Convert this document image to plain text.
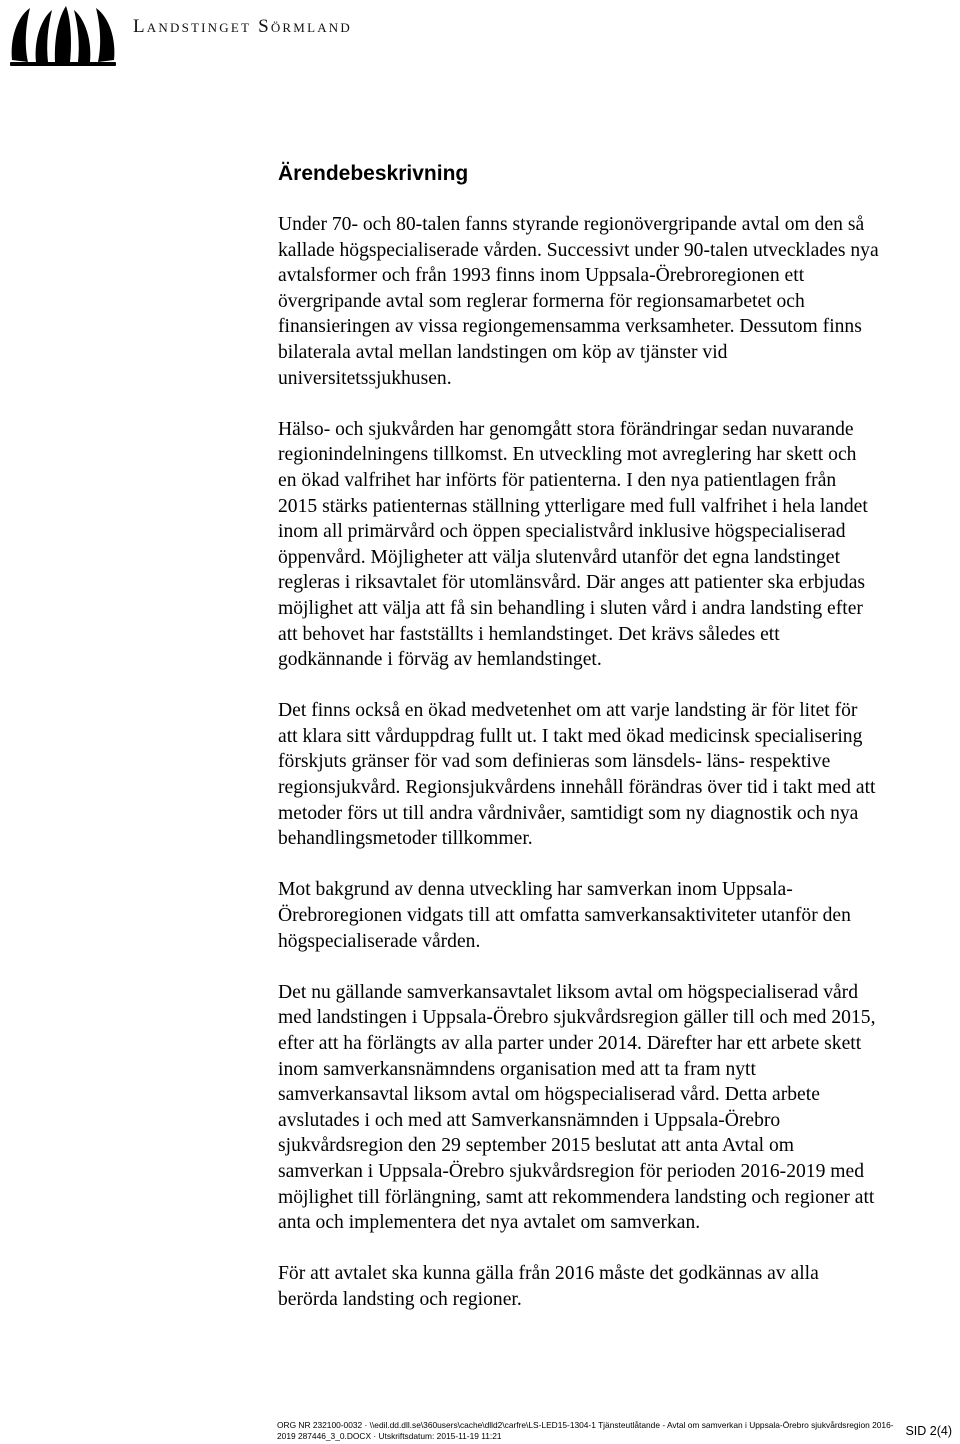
Landstinget Sörmland
Ärendebeskrivning

Under 70- och 80-talen fanns styrande regionövergripande avtal om den så
kallade högspecialiserade vården. Successivt under 90-talen utvecklades nya
avtalsformer och från 1993 finns inom Uppsala-Örebroregionen ett
övergripande avtal som reglerar formerna för regionsamarbetet och
finansieringen av vissa regiongemensamma verksamheter. Dessutom finns
bilaterala avtal mellan landstingen om köp av tjänster vid
universitetssjukhusen.

Hälso- och sjukvården har genomgått stora förändringar sedan nuvarande
regionindelningens tillkomst. En utveckling mot avreglering har skett och
en ökad valfrihet har införts för patienterna. I den nya patientlagen från
2015 stärks patienternas ställning ytterligare med full valfrihet i hela landet
inom all primärvård och öppen specialistvård inklusive högspecialiserad
öppenvård. Möjligheter att välja slutenvård utanför det egna landstinget
regleras i riksavtalet för utomlänsvård. Där anges att patienter ska erbjudas
möjlighet att välja att få sin behandling i sluten vård i andra landsting efter
att behovet har fastställts i hemlandstinget. Det krävs således ett
godkännande i förväg av hemlandstinget.

Det finns också en ökad medvetenhet om att varje landsting är för litet för
att klara sitt vårduppdrag fullt ut. I takt med ökad medicinsk specialisering
förskjuts gränser för vad som definieras som länsdels- läns- respektive
regionsjukvård. Regionsjukvårdens innehåll förändras över tid i takt med att
metoder förs ut till andra vårdnivåer, samtidigt som ny diagnostik och nya
behandlingsmetoder tillkommer.

Mot bakgrund av denna utveckling har samverkan inom Uppsala-
Örebroregionen vidgats till att omfatta samverkansaktiviteter utanför den
högspecialiserade vården.

Det nu gällande samverkansavtalet liksom avtal om högspecialiserad vård
med landstingen i Uppsala-Örebro sjukvårdsregion gäller till och med 2015,
efter att ha förlängts av alla parter under 2014. Därefter har ett arbete skett
inom samverkansnämndens organisation med att ta fram nytt
samverkansavtal liksom avtal om högspecialiserad vård. Detta arbete
avslutades i och med att Samverkansnämnden i Uppsala-Örebro
sjukvårdsregion den 29 september 2015 beslutat att anta Avtal om
samverkan i Uppsala-Örebro sjukvårdsregion för perioden 2016-2019 med
möjlighet till förlängning, samt att rekommendera landsting och regioner att
anta och implementera det nya avtalet om samverkan.

För att avtalet ska kunna gälla från 2016 måste det godkännas av alla
berörda landsting och regioner.

ORG NR 232100-0032 · \\edil.dd.dll.se\360users\cache\dlld2\carfre\LS-LED15-1304-1 Tjänsteutlåtande - Avtal om samverkan i Uppsala-Örebro sjukvårdsregion 2016-
2019 287446_3_0.DOCX · Utskriftsdatum: 2015-11-19 11:21	SID 2(4)
